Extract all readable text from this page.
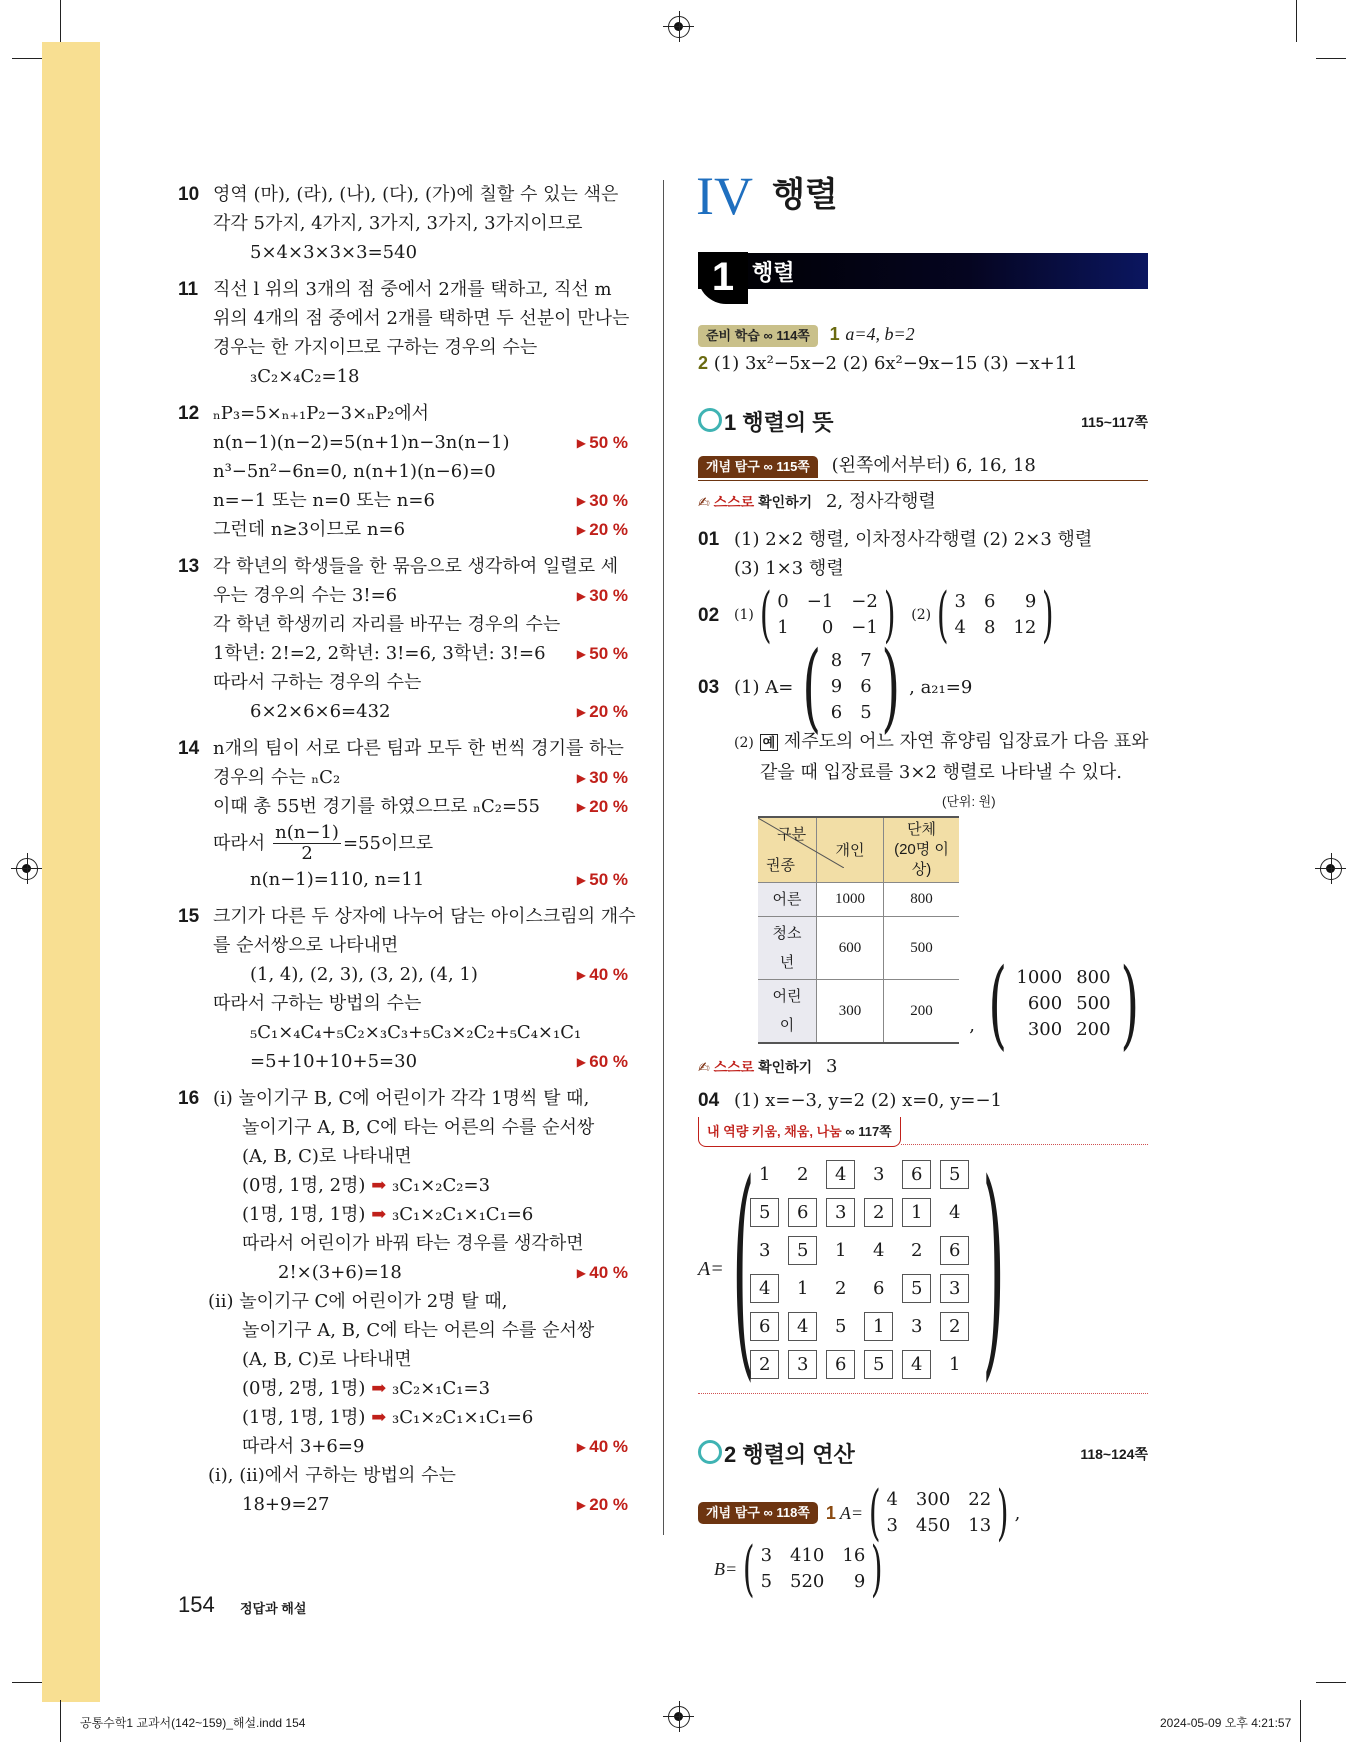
10 영역 (마), (라), (나), (다), (가)에 칠할 수 있는 색은
각각 5가지, 4가지, 3가지, 3가지, 3가지이므로
5×4×3×3×3=540
11 직선 l 위의 3개의 점 중에서 2개를 택하고, 직선 m
위의 4개의 점 중에서 2개를 택하면 두 선분이 만나는
경우는 한 가지이므로 구하는 경우의 수는
₃C₂×₄C₂=18
12 ₙP₃=5×ₙ₊₁P₂−3×ₙP₂에서
n(n−1)(n−2)=5(n+1)n−3n(n−1)	▶ 50 %
n³−5n²−6n=0, n(n+1)(n−6)=0
n=−1 또는 n=0 또는 n=6	▶ 30 %
그런데 n≥3이므로 n=6	▶ 20 %
13 각 학년의 학생들을 한 묶음으로 생각하여 일렬로 세
우는 경우의 수는 3!=6	▶ 30 %
각 학년 학생끼리 자리를 바꾸는 경우의 수는
1학년: 2!=2, 2학년: 3!=6, 3학년: 3!=6	▶ 50 %
따라서 구하는 경우의 수는
6×2×6×6=432	▶ 20 %
14 n개의 팀이 서로 다른 팀과 모두 한 번씩 경기를 하는
경우의 수는 ₙC₂	▶ 30 %
이때 총 55번 경기를 하였으므로 ₙC₂=55	▶ 20 %
따라서 $\frac{n(n-1)}{2} =55$이므로
n(n−1)=110, n=11	▶ 50 %
15 크기가 다른 두 상자에 나누어 담는 아이스크림의 개수
를 순서쌍으로 나타내면
(1, 4), (2, 3), (3, 2), (4, 1)	▶ 40 %
따라서 구하는 방법의 수는
₅C₁×₄C₄+₅C₂×₃C₃+₅C₃×₂C₂+₅C₄×₁C₁
=5+10+10+5=30	▶ 60 %
16 (i) 놀이기구 B, C에 어린이가 각각 1명씩 탈 때,
놀이기구 A, B, C에 타는 어른의 수를 순서쌍
(A, B, C)로 나타내면
(0명, 1명, 2명) ➡ ₃C₁×₂C₂=3
(1명, 1명, 1명) ➡ ₃C₁×₂C₁×₁C₁=6
따라서 어린이가 바꿔 타는 경우를 생각하면
2!×(3+6)=18	▶ 40 %
(ii) 놀이기구 C에 어린이가 2명 탈 때,
놀이기구 A, B, C에 타는 어른의 수를 순서쌍
(A, B, C)로 나타내면
(0명, 2명, 1명) ➡ ₃C₂×₁C₁=3
(1명, 1명, 1명) ➡ ₃C₁×₂C₁×₁C₁=6
따라서 3+6=9	▶ 40 %
(i), (ii)에서 구하는 방법의 수는
18+9=27	▶ 20 %
IV 행렬
1 행렬
준비 학습 ∞ 114쪽 1 a=4, b=2
2 (1) 3x²−5x−2 (2) 6x²−9x−15 (3) −x+11
1 행렬의 뜻	115~117쪽
개념 탐구 ∞ 115쪽 (왼쪽에서부터) 6, 16, 18
✍ 스스로 확인하기 2, 정사각행렬
01 (1) 2×2 행렬, 이차정사각행렬 (2) 2×3 행렬
(3) 1×3 행렬
02	(1) ( 0 −1 −2
1	0 −1 ) (2) ( 3 6	9
4 8 12 )
03 (1) A= ( 8 7
9 6
6 5 ) , a₂₁=9
(2) 예 제주도의 어느 자연 휴양림 입장료가 다음 표와
같을 때 입장료를 3×2 행렬로 나타낼 수 있다.
(단위: 원)
구분
권종	개인	단체
(20명 이상)
어른	1000	800
청소년	600	500
어린이	300	200
, ( 1000 800
600 500
300 200 )
✍ 스스로 확인하기 3
04 (1) x=−3, y=2 (2) x=0, y=−1
내 역량 키움, 채움, 나눔 ∞ 117쪽
A= ( 1 2	4	3	6	5
5	6	3	2	1	4
3	5	1 4 2	6
4	1 2 6	5	3
6	4	5	1	3	2
2	3	6	5	4	1 )
2 행렬의 연산	118~124쪽
개념 탐구 ∞ 118쪽 1 A= ( 4 300 22
3 450 13 ) ,
B= ( 3 410 16
5 520	9 )
154 정답과 해설
공통수학1 교과서(142~159)_해설.indd 154	2024-05-09 오후 4:21:57
